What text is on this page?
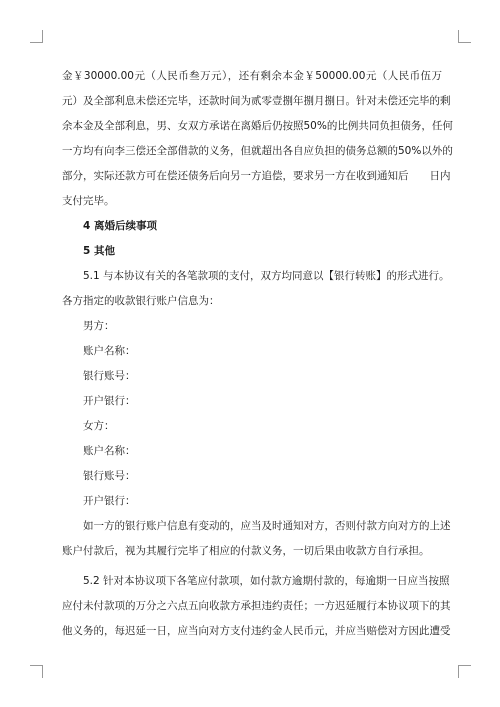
金￥30000.00元（人民币叁万元），还有剩余本金￥50000.00元（人民币伍万
元）及全部利息未偿还完毕，还款时间为贰零壹捌年捌月捌日。针对未偿还完毕的剩
余本金及全部利息，男、女双方承诺在离婚后仍按照50%的比例共同负担债务，任何
一方均有向李三偿还全部借款的义务，但就超出各自应负担的债务总额的50%以外的
部分，实际还款方可在偿还债务后向另一方追偿，要求另一方在收到通知后　　日内
支付完毕。
4 离婚后续事项
5 其他
5.1 与本协议有关的各笔款项的支付，双方均同意以【银行转账】的形式进行。
各方指定的收款银行账户信息为：
男方：
账户名称：
银行账号：
开户银行：
女方：
账户名称：
银行账号：
开户银行：
如一方的银行账户信息有变动的，应当及时通知对方，否则付款方向对方的上述
账户付款后，视为其履行完毕了相应的付款义务，一切后果由收款方自行承担。
5.2 针对本协议项下各笔应付款项，如付款方逾期付款的，每逾期一日应当按照
应付未付款项的万分之六点五向收款方承担违约责任；一方迟延履行本协议项下的其
他义务的，每迟延一日，应当向对方支付违约金人民币元，并应当赔偿对方因此遭受
